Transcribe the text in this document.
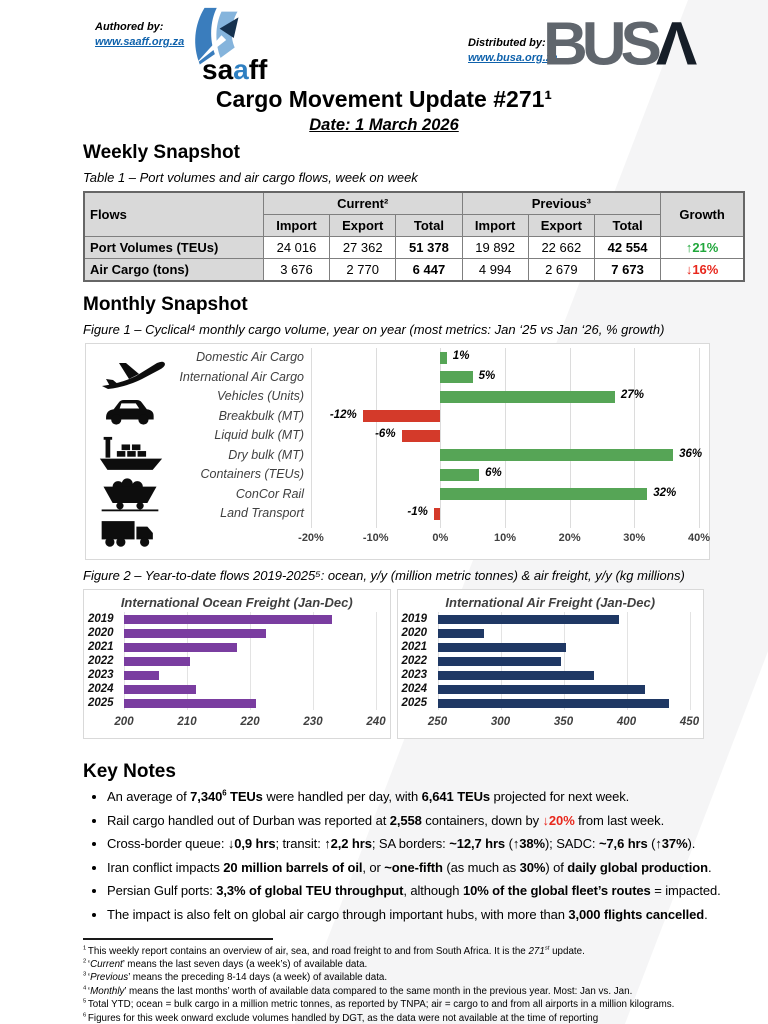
Authored by:
www.saaff.org.za
saaff
Distributed by:
www.busa.org.za
BUSΛ
Cargo Movement Update #271¹
Date: 1 March 2026
Weekly Snapshot
Table 1 – Port volumes and air cargo flows, week on week
Flows	Current²			Previous³			Growth
	Import	Export	Total	Import	Export	Total	
Port Volumes (TEUs)	24 016	27 362	51 378	19 892	22 662	42 554	↑21%
Air Cargo (tons)	3 676	2 770	6 447	4 994	2 679	7 673	↓16%
Monthly Snapshot
Figure 1 – Cyclical⁴ monthly cargo volume, year on year (most metrics: Jan ‘25 vs Jan ‘26, % growth)
Domestic Air Cargo
International Air Cargo
Vehicles (Units)
Breakbulk (MT)
Liquid bulk (MT)
Dry bulk (MT)
Containers (TEUs)
ConCor Rail
Land Transport
-20%	-10%	0%	10%	20%	30%	40%
1%
5%
27%
-12%
-6%
36%
6%
32%
-1%
Figure 2 – Year-to-date flows 2019-2025⁵: ocean, y/y (million metric tonnes) & air freight, y/y (kg millions)
International Ocean Freight (Jan-Dec)
200	210	220	230	240
2019
2020
2021
2022
2023
2024
2025
International Air Freight (Jan-Dec)
250	300	350	400	450
2019
2020
2021
2022
2023
2024
2025
Key Notes
• An average of 7,340$^6$ TEUs were handled per day, with 6,641 TEUs projected for next week.
• Rail cargo handled out of Durban was reported at 2,558 containers, down by ↓20% from last week.
• Cross-border queue: ↓0,9 hrs; transit: ↑2,2 hrs; SA borders: ~12,7 hrs (↑38%); SADC: ~7,6 hrs (↑37%).
• Iran conflict impacts 20 million barrels of oil, or ~one-fifth (as much as 30%) of daily global production.
• Persian Gulf ports: 3,3% of global TEU throughput, although 10% of the global fleet’s routes = impacted.
• The impact is also felt on global air cargo through important hubs, with more than 3,000 flights cancelled.
$^1$ This weekly report contains an overview of air, sea, and road freight to and from South Africa. It is the 271st update.
$^2$ ‘Current’ means the last seven days (a week’s) of available data.
$^3$ ‘Previous’ means the preceding 8-14 days (a week) of available data.
$^4$ ‘Monthly’ means the last months’ worth of available data compared to the same month in the previous year. Most: Jan vs. Jan.
$^5$ Total YTD; ocean = bulk cargo in a million metric tonnes, as reported by TNPA; air = cargo to and from all airports in a million kilograms.
$^6$ Figures for this week onward exclude volumes handled by DGT, as the data were not available at the time of reporting
